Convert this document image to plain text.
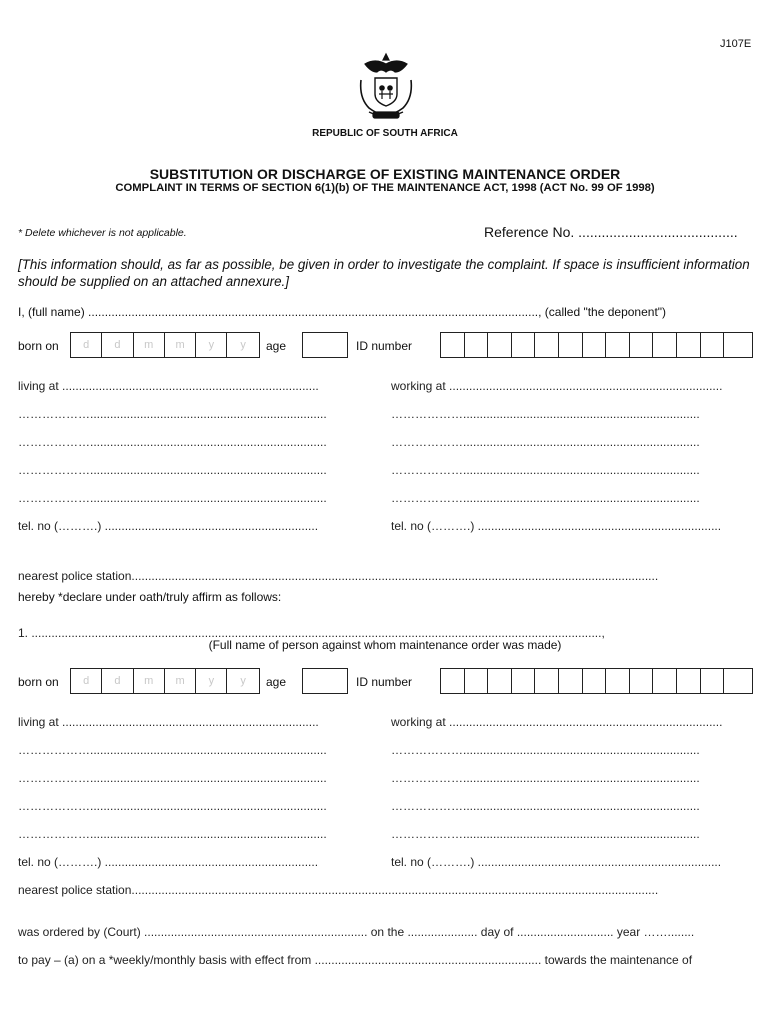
J107E
REPUBLIC OF SOUTH AFRICA
SUBSTITUTION OR DISCHARGE OF EXISTING MAINTENANCE ORDER
COMPLAINT IN TERMS OF SECTION 6(1)(b) OF THE MAINTENANCE ACT, 1998 (ACT No. 99 OF 1998)
* Delete whichever is not applicable.	Reference No. .........................................
[This information should, as far as possible, be given in order to investigate the complaint. If space is insufficient information should be supplied on an attached annexure.]
I, (full name) ......................................................................................................................................., (called "the deponent")
born on	d	d	m	m	y	y	age	ID number
living at .............................................................................	working at ..................................................................................
……………….......................................................................	……………….......................................................................
……………….......................................................................	……………….......................................................................
……………….......................................................................	……………….......................................................................
……………….......................................................................	……………….......................................................................
tel. no (……….) ................................................................	tel. no (……….) .........................................................................
nearest police station..............................................................................................................................................................
hereby *declare under oath/truly affirm as follows:
1. ...........................................................................................................................................................................,
(Full name of person against whom maintenance order was made)
born on	d	d	m	m	y	y	age	ID number
living at .............................................................................	working at ..................................................................................
……………….......................................................................	……………….......................................................................
……………….......................................................................	……………….......................................................................
……………….......................................................................	……………….......................................................................
……………….......................................................................	……………….......................................................................
tel. no (……….) ................................................................	tel. no (……….) .........................................................................
nearest police station..............................................................................................................................................................
was ordered by (Court) ................................................................... on the ..................... day of ............................. year ……........
to pay – (a) on a *weekly/monthly basis with effect from .................................................................... towards the maintenance of
